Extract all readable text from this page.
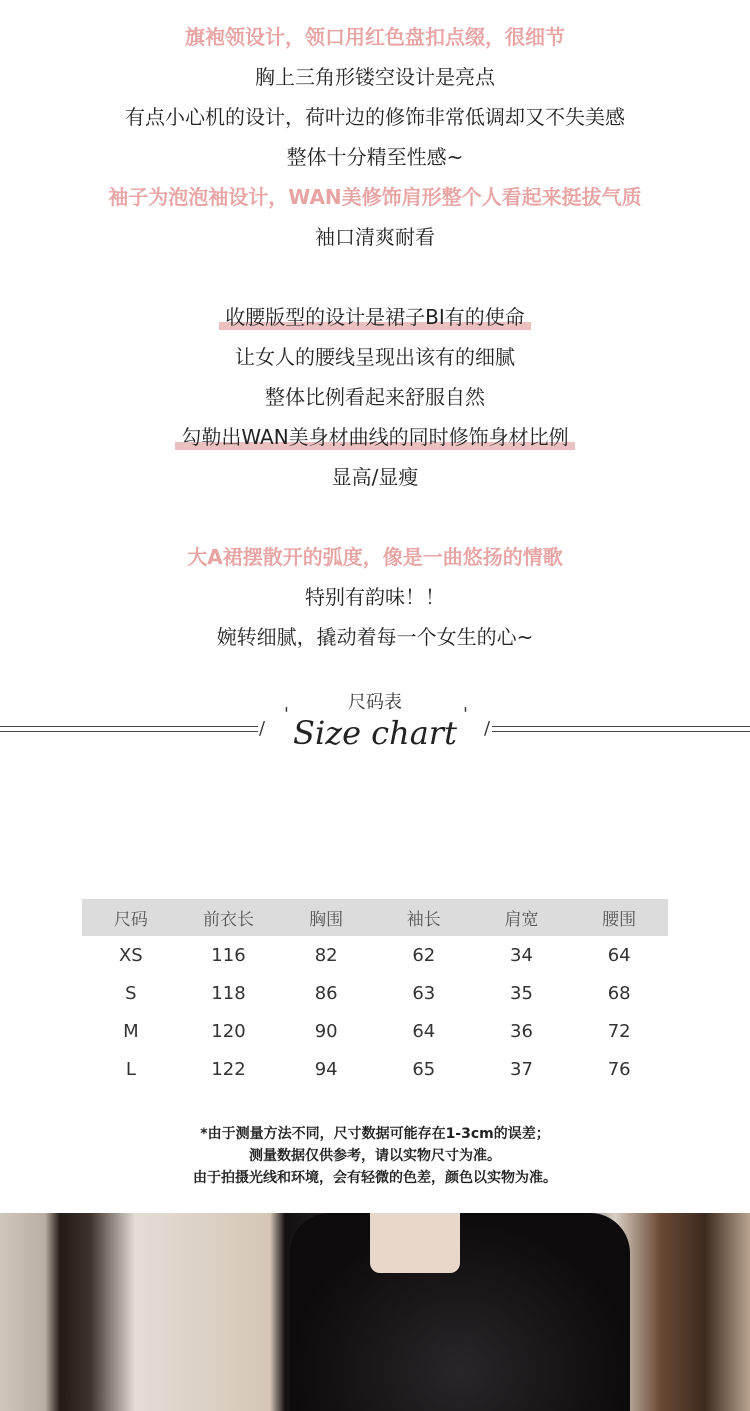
旗袍领设计，领口用红色盘扣点缀，很细节
胸上三角形镂空设计是亮点
有点小心机的设计，荷叶边的修饰非常低调却又不失美感
整体十分精至性感~
袖子为泡泡袖设计，WAN美修饰肩形整个人看起来挺拔气质
袖口清爽耐看
收腰版型的设计是裙子BI有的使命
让女人的腰线呈现出该有的细腻
整体比例看起来舒服自然
勾勒出WAN美身材曲线的同时修饰身材比例
显高/显瘦
大A裙摆散开的弧度，像是一曲悠扬的情歌
特别有韵味！！
婉转细腻，撬动着每一个女生的心~
尺码表
Size chart
/
'	'
/
尺码	前衣长	胸围	袖长	肩宽	腰围
XS	116	82	62	34	64
S	118	86	63	35	68
M	120	90	64	36	72
L	122	94	65	37	76
*由于测量方法不同，尺寸数据可能存在1-3cm的误差；
测量数据仅供参考，请以实物尺寸为准。
由于拍摄光线和环境，会有轻微的色差，颜色以实物为准。
